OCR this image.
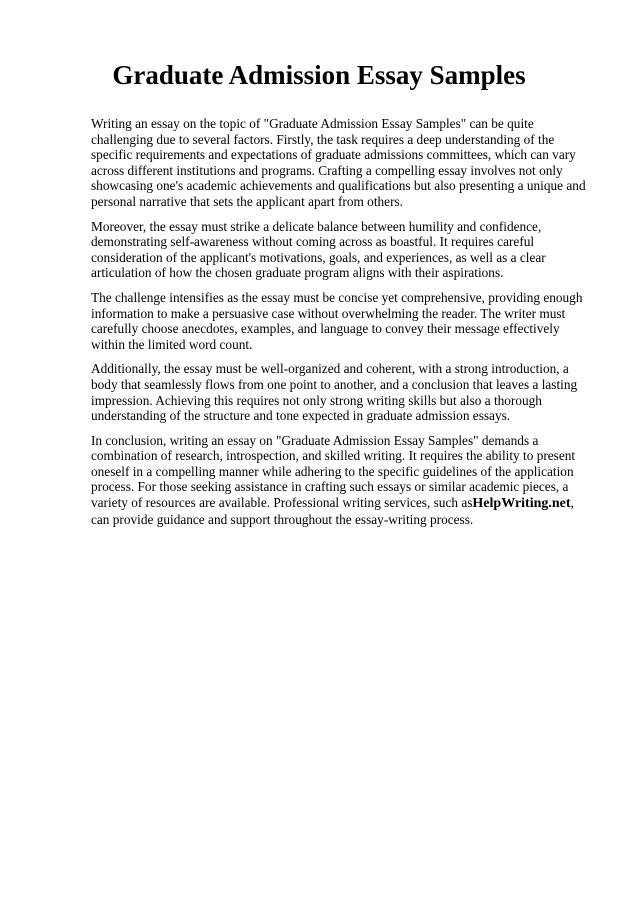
Graduate Admission Essay Samples

Writing an essay on the topic of "Graduate Admission Essay Samples" can be quite challenging due to several factors. Firstly, the task requires a deep understanding of the specific requirements and expectations of graduate admissions committees, which can vary across different institutions and programs. Crafting a compelling essay involves not only showcasing one's academic achievements and qualifications but also presenting a unique and personal narrative that sets the applicant apart from others.

Moreover, the essay must strike a delicate balance between humility and confidence, demonstrating self-awareness without coming across as boastful. It requires careful consideration of the applicant's motivations, goals, and experiences, as well as a clear articulation of how the chosen graduate program aligns with their aspirations.

The challenge intensifies as the essay must be concise yet comprehensive, providing enough information to make a persuasive case without overwhelming the reader. The writer must carefully choose anecdotes, examples, and language to convey their message effectively within the limited word count.

Additionally, the essay must be well-organized and coherent, with a strong introduction, a body that seamlessly flows from one point to another, and a conclusion that leaves a lasting impression. Achieving this requires not only strong writing skills but also a thorough understanding of the structure and tone expected in graduate admission essays.

In conclusion, writing an essay on "Graduate Admission Essay Samples" demands a combination of research, introspection, and skilled writing. It requires the ability to present oneself in a compelling manner while adhering to the specific guidelines of the application process. For those seeking assistance in crafting such essays or similar academic pieces, a variety of resources are available. Professional writing services, such asHelpWriting.net, can provide guidance and support throughout the essay-writing process.
